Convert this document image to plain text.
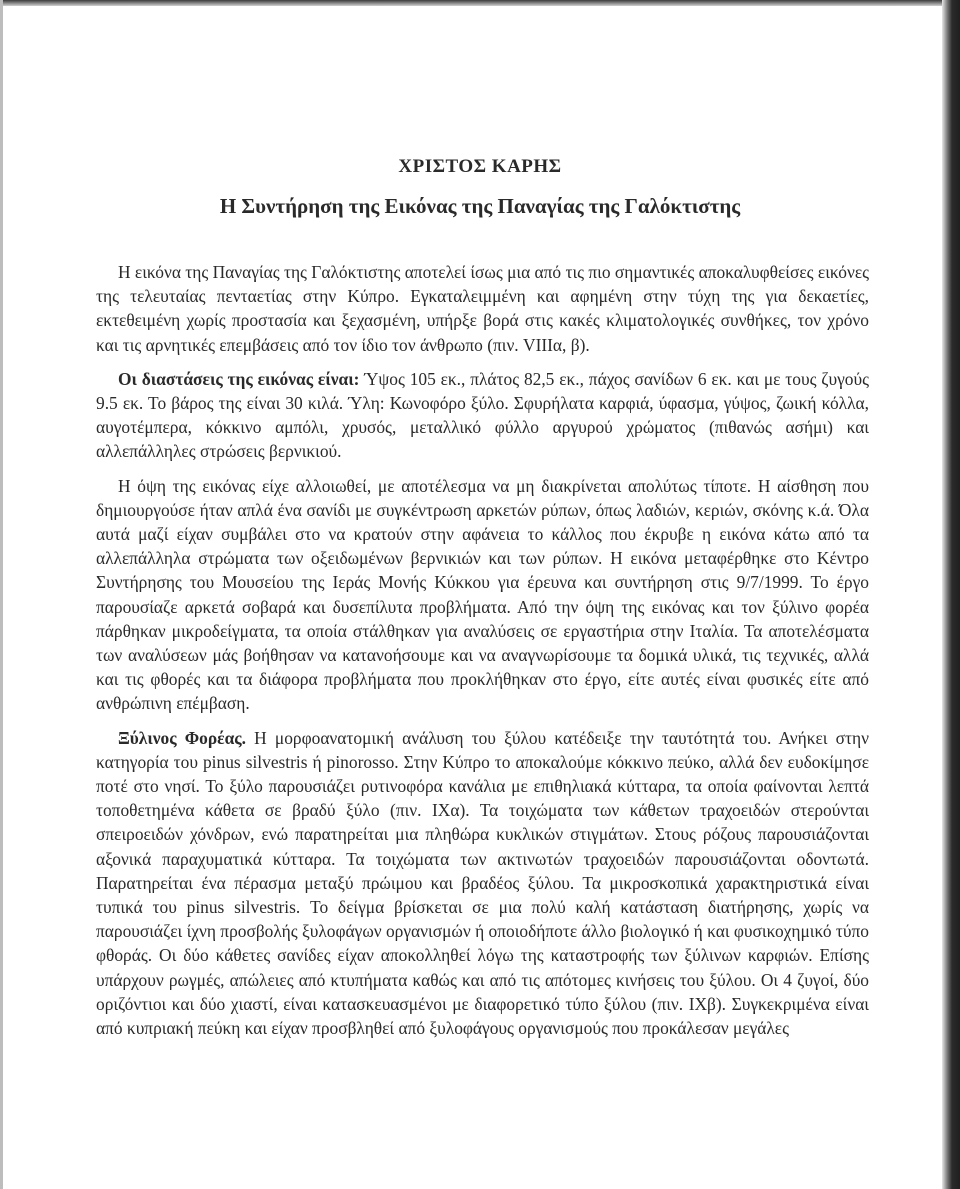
ΧΡΙΣΤΟΣ ΚΑΡΗΣ
Η Συντήρηση της Εικόνας της Παναγίας της Γαλόκτιστης

Η εικόνα της Παναγίας της Γαλόκτιστης αποτελεί ίσως μια από τις πιο σημαντικές αποκαλυφθείσες εικόνες της τελευταίας πενταετίας στην Κύπρο. Εγκαταλειμμένη και αφημένη στην τύχη της για δεκαετίες, εκτεθειμένη χωρίς προστασία και ξεχασμένη, υπήρξε βορά στις κακές κλιματολογικές συνθήκες, τον χρόνο και τις αρνητικές επεμβάσεις από τον ίδιο τον άνθρωπο (πιν. VIIIα, β).

Οι διαστάσεις της εικόνας είναι: Ύψος 105 εκ., πλάτος 82,5 εκ., πάχος σανίδων 6 εκ. και με τους ζυγούς 9.5 εκ. Το βάρος της είναι 30 κιλά. Ύλη: Κωνοφόρο ξύλο. Σφυρήλατα καρφιά, ύφασμα, γύψος, ζωική κόλλα, αυγοτέμπερα, κόκκινο αμπόλι, χρυσός, μεταλλικό φύλλο αργυρού χρώματος (πιθανώς ασήμι) και αλλεπάλληλες στρώσεις βερνικιού.

Η όψη της εικόνας είχε αλλοιωθεί, με αποτέλεσμα να μη διακρίνεται απολύτως τίποτε. Η αίσθηση που δημιουργούσε ήταν απλά ένα σανίδι με συγκέντρωση αρκετών ρύπων, όπως λαδιών, κεριών, σκόνης κ.ά. Όλα αυτά μαζί είχαν συμβάλει στο να κρατούν στην αφάνεια το κάλλος που έκρυβε η εικόνα κάτω από τα αλλεπάλληλα στρώματα των οξειδωμένων βερνικιών και των ρύπων. Η εικόνα μεταφέρθηκε στο Κέντρο Συντήρησης του Μουσείου της Ιεράς Μονής Κύκκου για έρευνα και συντήρηση στις 9/7/1999. Το έργο παρουσίαζε αρκετά σοβαρά και δυσεπίλυτα προβλήματα. Από την όψη της εικόνας και τον ξύλινο φορέα πάρθηκαν μικροδείγματα, τα οποία στάλθηκαν για αναλύσεις σε εργαστήρια στην Ιταλία. Τα αποτελέσματα των αναλύσεων μάς βοήθησαν να κατανοήσουμε και να αναγνωρίσουμε τα δομικά υλικά, τις τεχνικές, αλλά και τις φθορές και τα διάφορα προβλήματα που προκλήθηκαν στο έργο, είτε αυτές είναι φυσικές είτε από ανθρώπινη επέμβαση.

Ξύλινος Φορέας. Η μορφοανατομική ανάλυση του ξύλου κατέδειξε την ταυτότητά του. Ανήκει στην κατηγορία του pinus silvestris ή pinorosso. Στην Κύπρο το αποκαλούμε κόκκινο πεύκο, αλλά δεν ευδοκίμησε ποτέ στο νησί. Το ξύλο παρουσιάζει ρυτινοφόρα κανάλια με επιθηλιακά κύτταρα, τα οποία φαίνονται λεπτά τοποθετημένα κάθετα σε βραδύ ξύλο (πιν. ΙΧα). Τα τοιχώματα των κάθετων τραχοειδών στερούνται σπειροειδών χόνδρων, ενώ παρατηρείται μια πληθώρα κυκλικών στιγμάτων. Στους ρόζους παρουσιάζονται αξονικά παραχυματικά κύτταρα. Τα τοιχώματα των ακτινωτών τραχοειδών παρουσιάζονται οδοντωτά. Παρατηρείται ένα πέρασμα μεταξύ πρώιμου και βραδέος ξύλου. Τα μικροσκοπικά χαρακτηριστικά είναι τυπικά του pinus silvestris. Το δείγμα βρίσκεται σε μια πολύ καλή κατάσταση διατήρησης, χωρίς να παρουσιάζει ίχνη προσβολής ξυλοφάγων οργανισμών ή οποιοδήποτε άλλο βιολογικό ή και φυσικοχημικό τύπο φθοράς. Οι δύο κάθετες σανίδες είχαν αποκολληθεί λόγω της καταστροφής των ξύλινων καρφιών. Επίσης υπάρχουν ρωγμές, απώλειες από κτυπήματα καθώς και από τις απότομες κινήσεις του ξύλου. Οι 4 ζυγοί, δύο οριζόντιοι και δύο χιαστί, είναι κατασκευασμένοι με διαφορετικό τύπο ξύλου (πιν. ΙΧβ). Συγκεκριμένα είναι από κυπριακή πεύκη και είχαν προσβληθεί από ξυλοφάγους οργανισμούς που προκάλεσαν μεγάλες
